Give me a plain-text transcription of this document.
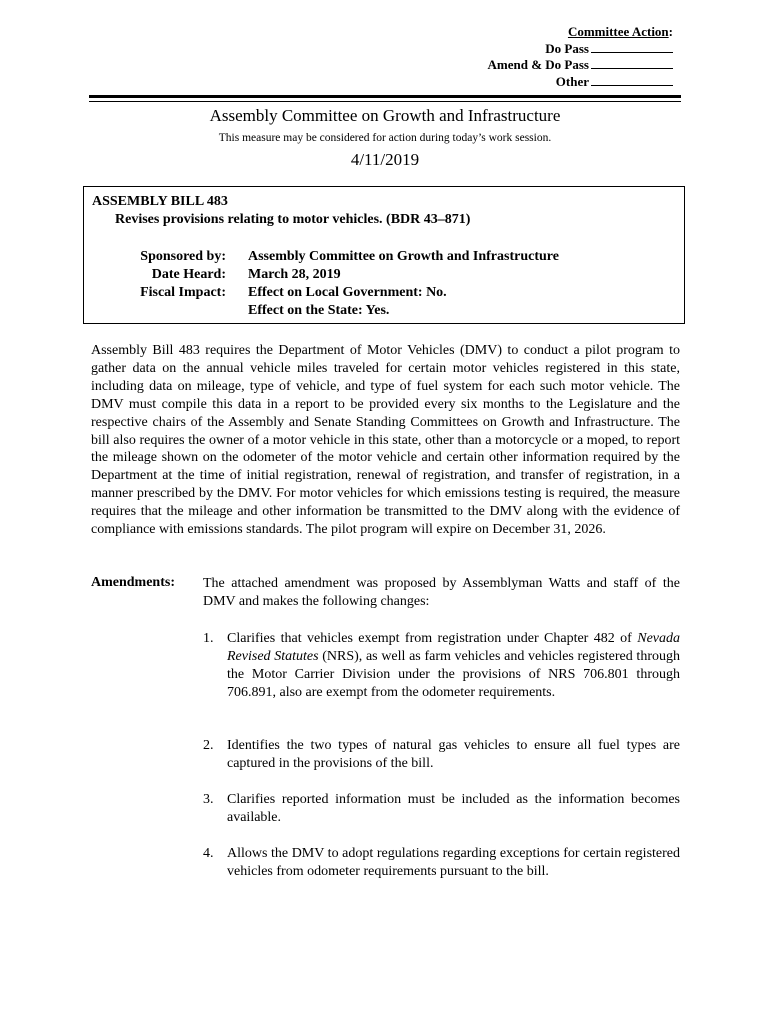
Committee Action:
Do Pass
Amend & Do Pass
Other
Assembly Committee on Growth and Infrastructure
This measure may be considered for action during today’s work session.
4/11/2019
ASSEMBLY BILL 483
Revises provisions relating to motor vehicles. (BDR 43–871)
Sponsored by:
Date Heard:
Fiscal Impact:
Assembly Committee on Growth and Infrastructure
March 28, 2019
Effect on Local Government: No.
Effect on the State: Yes.
Assembly Bill 483 requires the Department of Motor Vehicles (DMV) to conduct a pilot program to gather data on the annual vehicle miles traveled for certain motor vehicles registered in this state, including data on mileage, type of vehicle, and type of fuel system for each such motor vehicle. The DMV must compile this data in a report to be provided every six months to the Legislature and the respective chairs of the Assembly and Senate Standing Committees on Growth and Infrastructure. The bill also requires the owner of a motor vehicle in this state, other than a motorcycle or a moped, to report the mileage shown on the odometer of the motor vehicle and certain other information required by the Department at the time of initial registration, renewal of registration, and transfer of registration, in a manner prescribed by the DMV. For motor vehicles for which emissions testing is required, the measure requires that the mileage and other information be transmitted to the DMV along with the evidence of compliance with emissions standards. The pilot program will expire on December 31, 2026.
Amendments: The attached amendment was proposed by Assemblyman Watts and staff of the DMV and makes the following changes:
1. Clarifies that vehicles exempt from registration under Chapter 482 of Nevada Revised Statutes (NRS), as well as farm vehicles and vehicles registered through the Motor Carrier Division under the provisions of NRS 706.801 through 706.891, also are exempt from the odometer requirements.
2. Identifies the two types of natural gas vehicles to ensure all fuel types are captured in the provisions of the bill.
3. Clarifies reported information must be included as the information becomes available.
4. Allows the DMV to adopt regulations regarding exceptions for certain registered vehicles from odometer requirements pursuant to the bill.
